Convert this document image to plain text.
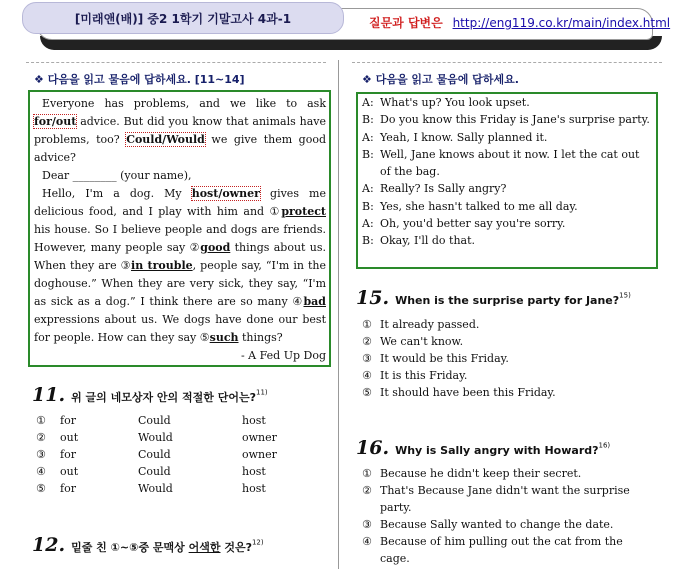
[미래앤(배)] 중2 1학기 기말고사 4과-1	질문과 답변은 http://eng119.co.kr/main/index.html
❖ 다음을 읽고 물음에 답하세요. [11~14]

Everyone has problems, and we like to ask for/out advice. But did you know that animals have problems, too? Could/Would we give them good advice?

Dear ________ (your name),

Hello, I'm a dog. My host/owner gives me delicious food, and I play with him and ①protect his house. So I believe people and dogs are friends. However, many people say ②good things about us. When they are ③in trouble, people say, “I'm in the doghouse.” When they are very sick, they say, “I'm as sick as a dog.” I think there are so many ④bad expressions about us. We dogs have done our best for people. How can they say ⑤such things?

- A Fed Up Dog

11. 위 글의 네모상자 안의 적절한 단어는?$^{11)}$
①	for	Could	host
②	out	Would	owner
③	for	Could	owner
④	out	Could	host
⑤	for	Would	host
12. 밑줄 친 ①~⑤중 문맥상 어색한 것은?$^{12)}$
❖ 다음을 읽고 물음에 답하세요.
A: What's up? You look upset.
B: Do you know this Friday is Jane's surprise party.
A: Yeah, I know. Sally planned it.
B: Well, Jane knows about it now. I let the cat out of the bag.
A: Really? Is Sally angry?
B: Yes, she hasn't talked to me all day.
A: Oh, you'd better say you're sorry.
B: Okay, I'll do that.
15. When is the surprise party for Jane?$^{15)}$
① It already passed.
② We can't know.
③ It would be this Friday.
④ It is this Friday.
⑤ It should have been this Friday.
16. Why is Sally angry with Howard?$^{16)}$
① Because he didn't keep their secret.
② That's Because Jane didn't want the surprise party.
③ Because Sally wanted to change the date.
④ Because of him pulling out the cat from the cage.
